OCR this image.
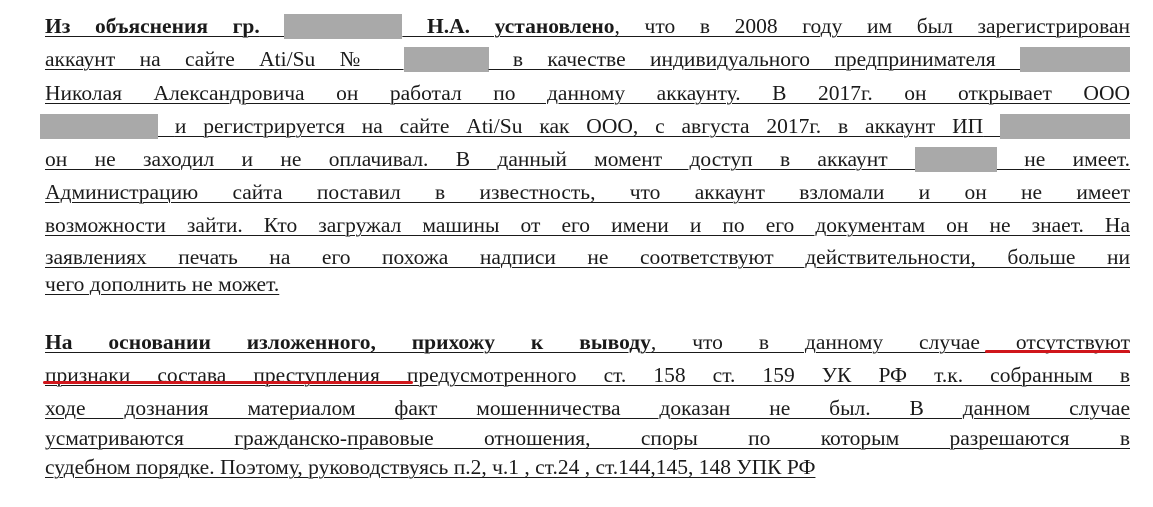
Из объяснения гр.	Н.А. установлено, что в 2008 году им был зарегистрирован
аккаунт на сайте Ati/Su №	в качестве индивидуального предпринимателя
Николая Александровича он работал по данному аккаунту. В 2017г. он открывает ООО
и регистрируется на сайте Ati/Su как ООО, с августа 2017г. в аккаунт ИП
он не заходил и не оплачивал. В данный момент доступ в аккаунт	не имеет.
Администрацию сайта поставил в известность, что аккаунт взломали и он не имеет
возможности зайти. Кто загружал машины от его имени и по его документам он не знает. На
заявлениях печать на его похожа надписи не соответствуют действительности, больше ни
чего дополнить не может.
На основании изложенного, прихожу к выводу, что в данному случае отсутствуют
признаки состава преступления предусмотренного ст. 158 ст. 159 УК РФ т.к. собранным в
ходе дознания материалом факт мошенничества доказан не был. В данном случае
усматриваются гражданско-правовые отношения, споры по которым разрешаются в
судебном порядке. Поэтому, руководствуясь п.2, ч.1 , ст.24 , ст.144,145, 148 УПК РФ
